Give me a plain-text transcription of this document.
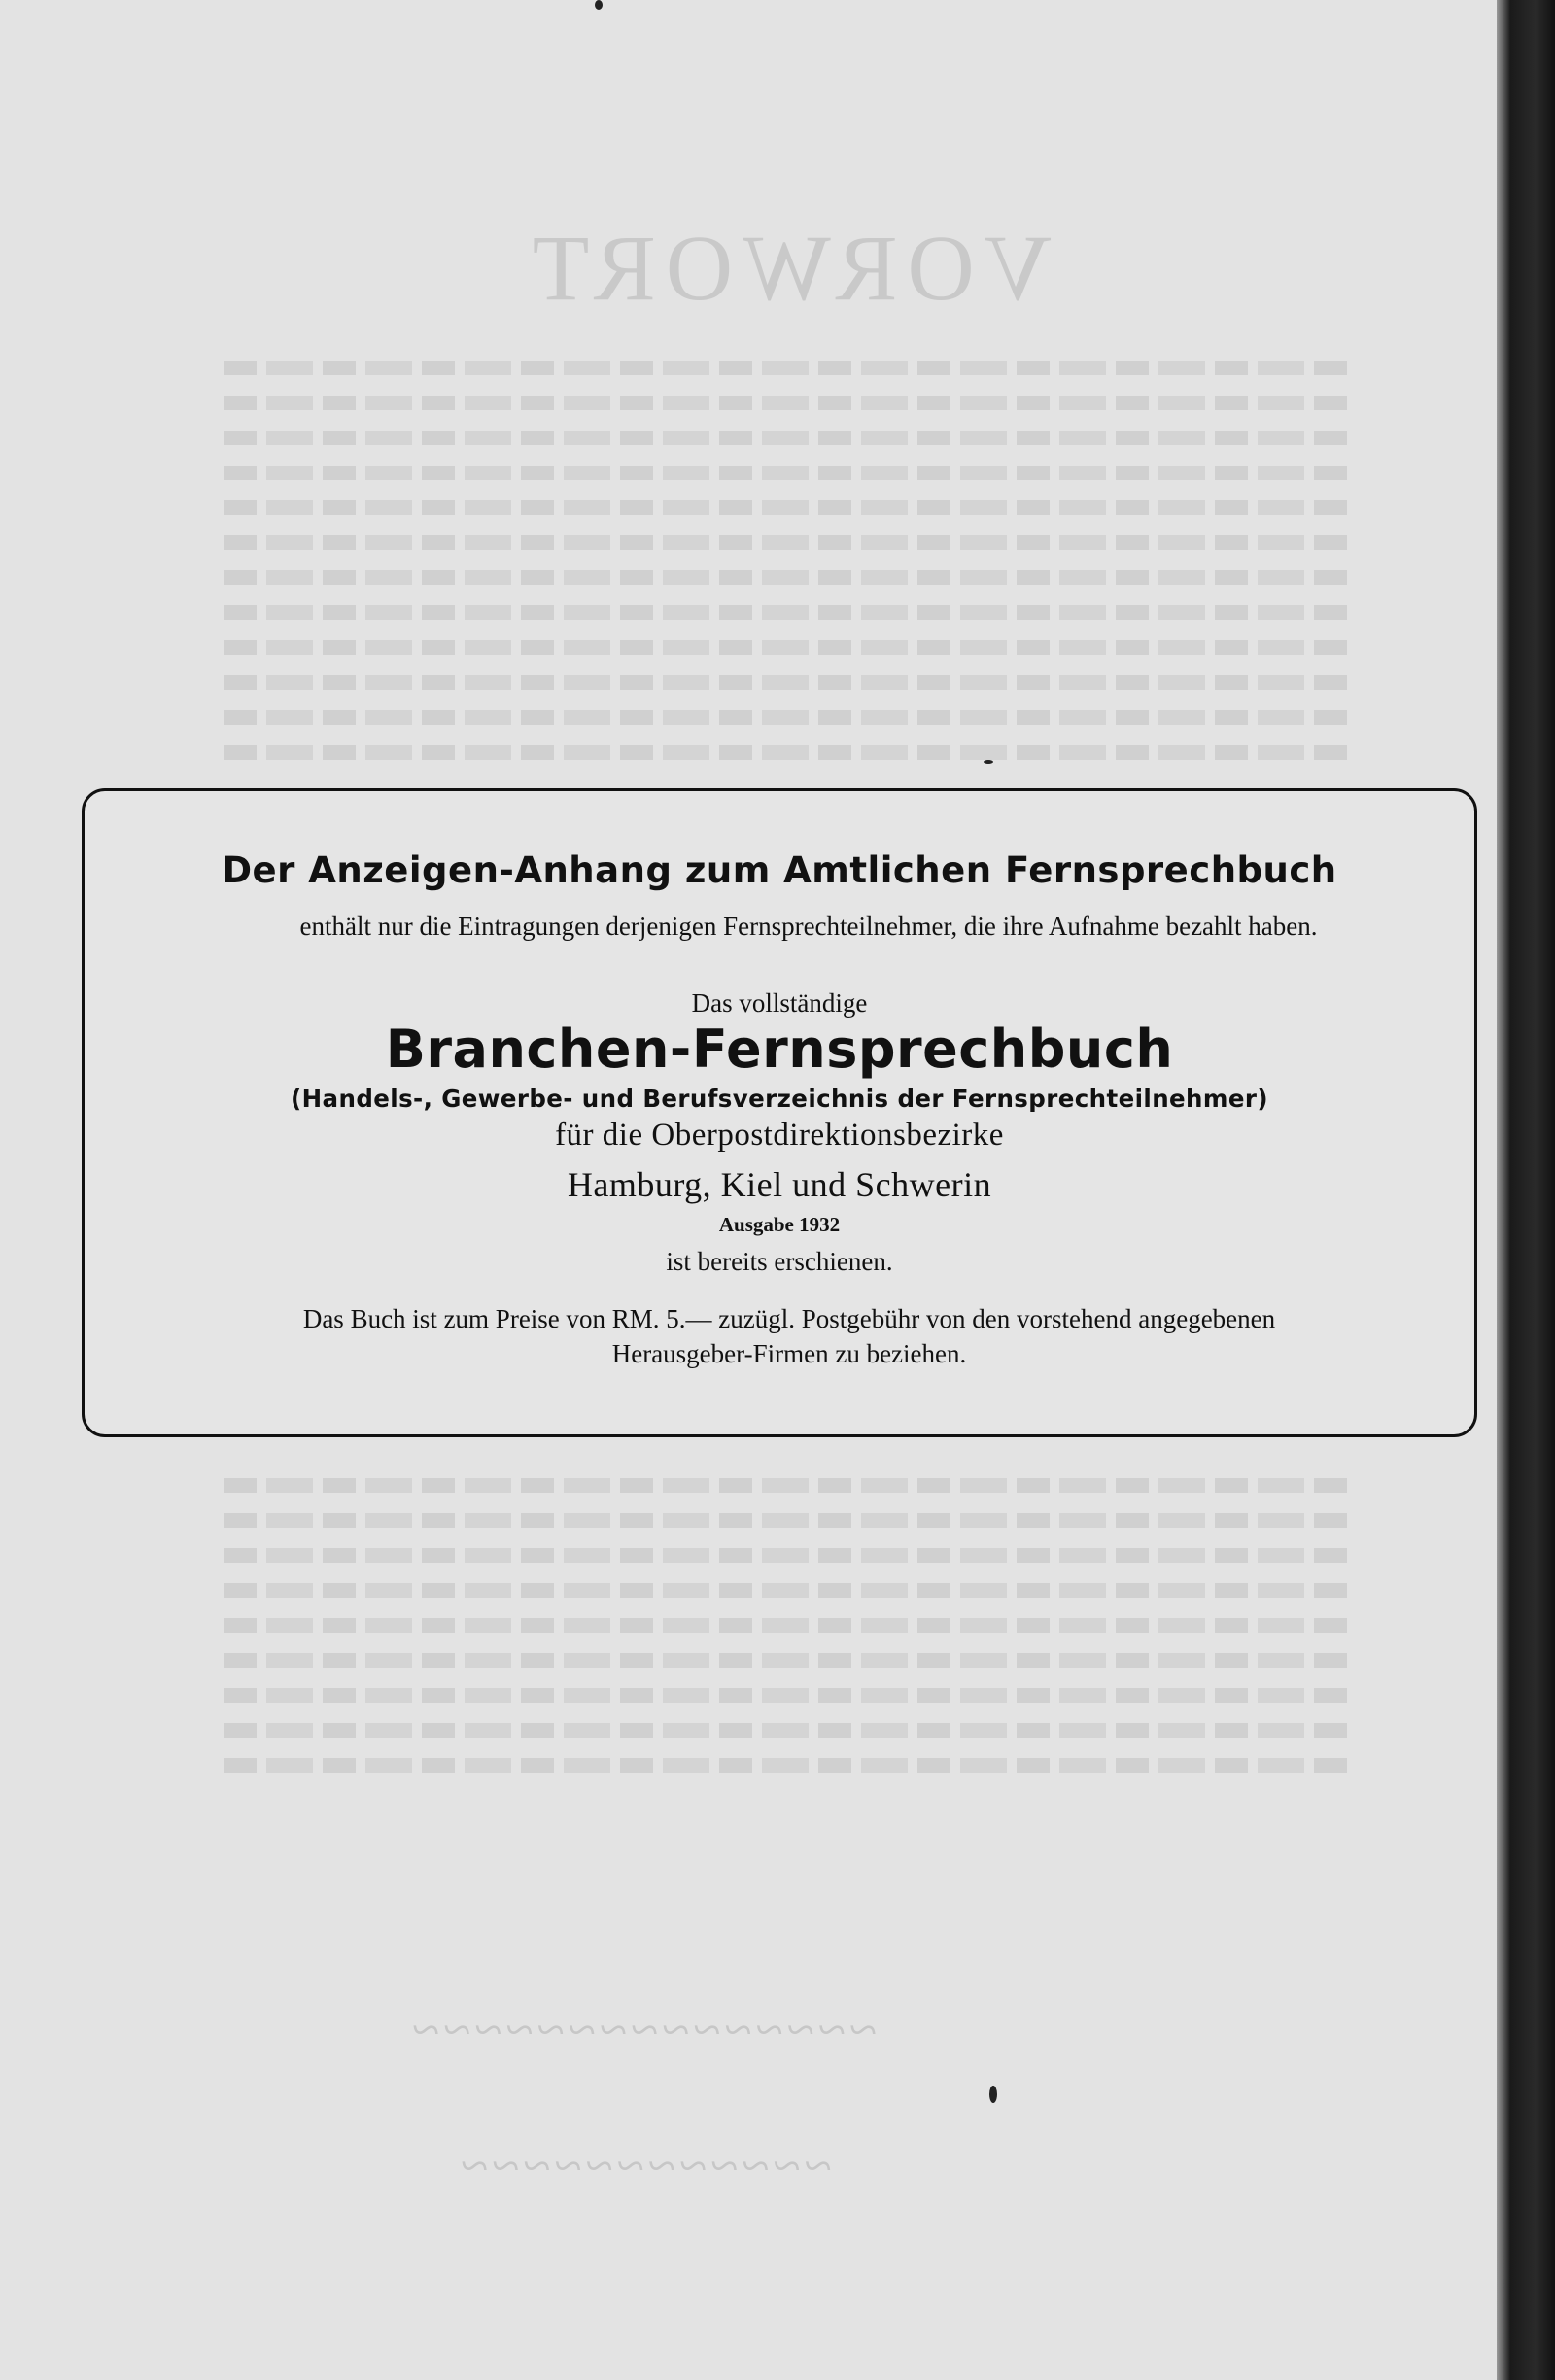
VORWORT
~~~~~~~~~~~~~~~
~~~~~~~~~~~~
Der Anzeigen-Anhang zum Amtlichen Fernsprechbuch
enthält nur die Eintragungen derjenigen Fernsprechteilnehmer, die ihre Aufnahme bezahlt haben.
Das vollständige
Branchen-Fernsprechbuch
(Handels-, Gewerbe- und Berufsverzeichnis der Fernsprechteilnehmer)
für die Oberpostdirektionsbezirke
Hamburg, Kiel und Schwerin
Ausgabe 1932
ist bereits erschienen.
Das Buch ist zum Preise von RM. 5.— zuzügl. Postgebühr von den vorstehend angegebenen Herausgeber-Firmen zu beziehen.
